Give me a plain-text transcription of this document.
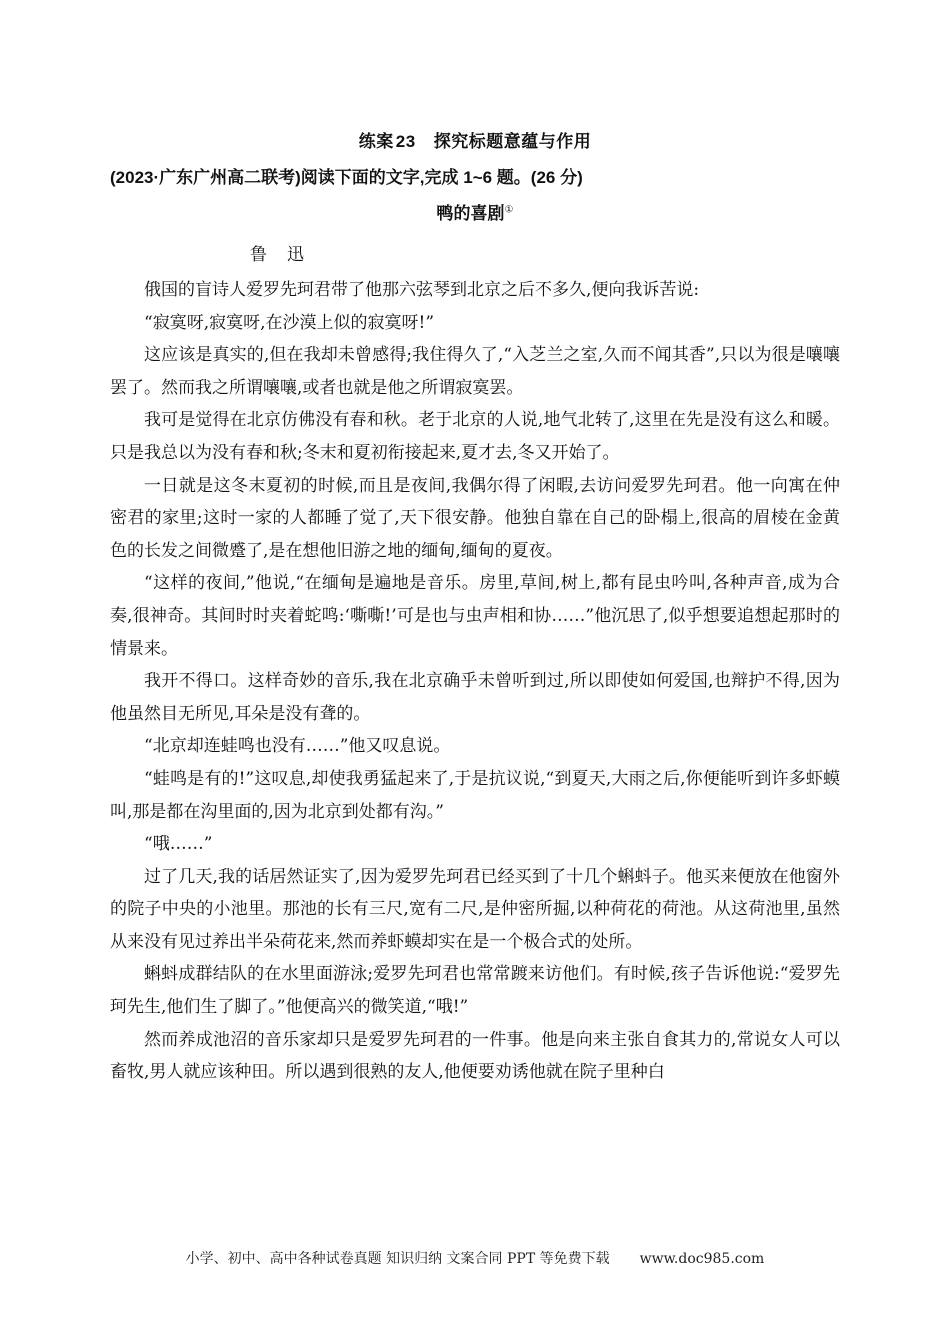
练案 23 探究标题意蕴与作用
(2023·广东广州高二联考)阅读下面的文字,完成 1~6 题。(26 分)
鸭的喜剧①
鲁迅

俄国的盲诗人爱罗先珂君带了他那六弦琴到北京之后不多久,便向我诉苦说:

“寂寞呀,寂寞呀,在沙漠上似的寂寞呀!”

这应该是真实的,但在我却未曾感得;我住得久了,“入芝兰之室,久而不闻其香”,只以为很是嚷嚷罢了。然而我之所谓嚷嚷,或者也就是他之所谓寂寞罢。

我可是觉得在北京仿佛没有春和秋。老于北京的人说,地气北转了,这里在先是没有这么和暖。只是我总以为没有春和秋;冬末和夏初衔接起来,夏才去,冬又开始了。

一日就是这冬末夏初的时候,而且是夜间,我偶尔得了闲暇,去访问爱罗先珂君。他一向寓在仲密君的家里;这时一家的人都睡了觉了,天下很安静。他独自靠在自己的卧榻上,很高的眉棱在金黄色的长发之间微蹙了,是在想他旧游之地的缅甸,缅甸的夏夜。

“这样的夜间,”他说,“在缅甸是遍地是音乐。房里,草间,树上,都有昆虫吟叫,各种声音,成为合奏,很神奇。其间时时夹着蛇鸣:‘嘶嘶!’可是也与虫声相和协……”他沉思了,似乎想要追想起那时的情景来。

我开不得口。这样奇妙的音乐,我在北京确乎未曾听到过,所以即使如何爱国,也辩护不得,因为他虽然目无所见,耳朵是没有聋的。

“北京却连蛙鸣也没有……”他又叹息说。

“蛙鸣是有的!”这叹息,却使我勇猛起来了,于是抗议说,“到夏天,大雨之后,你便能听到许多虾蟆叫,那是都在沟里面的,因为北京到处都有沟。”

“哦……”

过了几天,我的话居然证实了,因为爱罗先珂君已经买到了十几个蝌蚪子。他买来便放在他窗外的院子中央的小池里。那池的长有三尺,宽有二尺,是仲密所掘,以种荷花的荷池。从这荷池里,虽然从来没有见过养出半朵荷花来,然而养虾蟆却实在是一个极合式的处所。

蝌蚪成群结队的在水里面游泳;爱罗先珂君也常常踱来访他们。有时候,孩子告诉他说:“爱罗先珂先生,他们生了脚了。”他便高兴的微笑道,“哦!”

然而养成池沼的音乐家却只是爱罗先珂君的一件事。他是向来主张自食其力的,常说女人可以畜牧,男人就应该种田。所以遇到很熟的友人,他便要劝诱他就在院子里种白

小学、初中、高中各种试卷真题 知识归纳 文案合同 PPT 等免费下载 www.doc985.com
